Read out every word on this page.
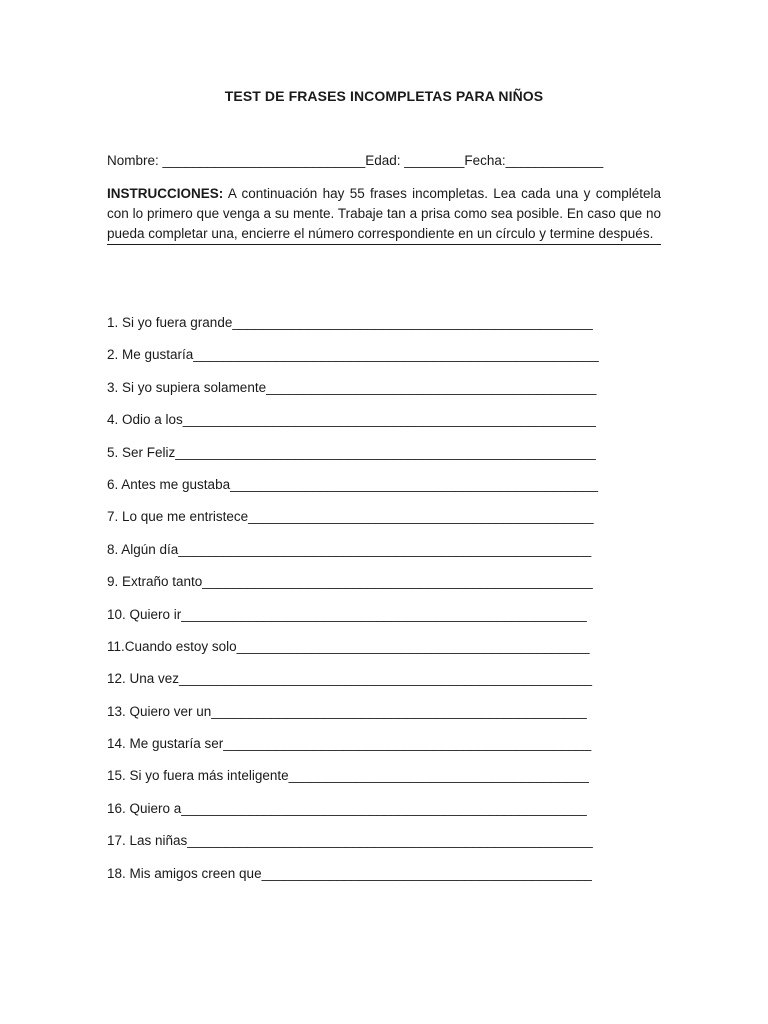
TEST DE FRASES INCOMPLETAS PARA NIÑOS
Nombre: ___________________________Edad: ________Fecha:_____________
INSTRUCCIONES: A continuación hay 55 frases incompletas. Lea cada una y complétela con lo primero que venga a su mente. Trabaje tan a prisa como sea posible. En caso que no pueda completar una, encierre el número correspondiente en un círculo y termine después.
1. Si yo fuera grande________________________________________________
2. Me gustaría______________________________________________________
3. Si yo supiera solamente____________________________________________
4. Odio a los_______________________________________________________
5. Ser Feliz________________________________________________________
6. Antes me gustaba_________________________________________________
7. Lo que me entristece______________________________________________
8. Algún día_______________________________________________________
9. Extraño tanto____________________________________________________
10. Quiero ir______________________________________________________
11.Cuando estoy solo_______________________________________________
12. Una vez_______________________________________________________
13. Quiero ver un__________________________________________________
14. Me gustaría ser_________________________________________________
15. Si yo fuera más inteligente________________________________________
16. Quiero a______________________________________________________
17. Las niñas______________________________________________________
18. Mis amigos creen que____________________________________________
